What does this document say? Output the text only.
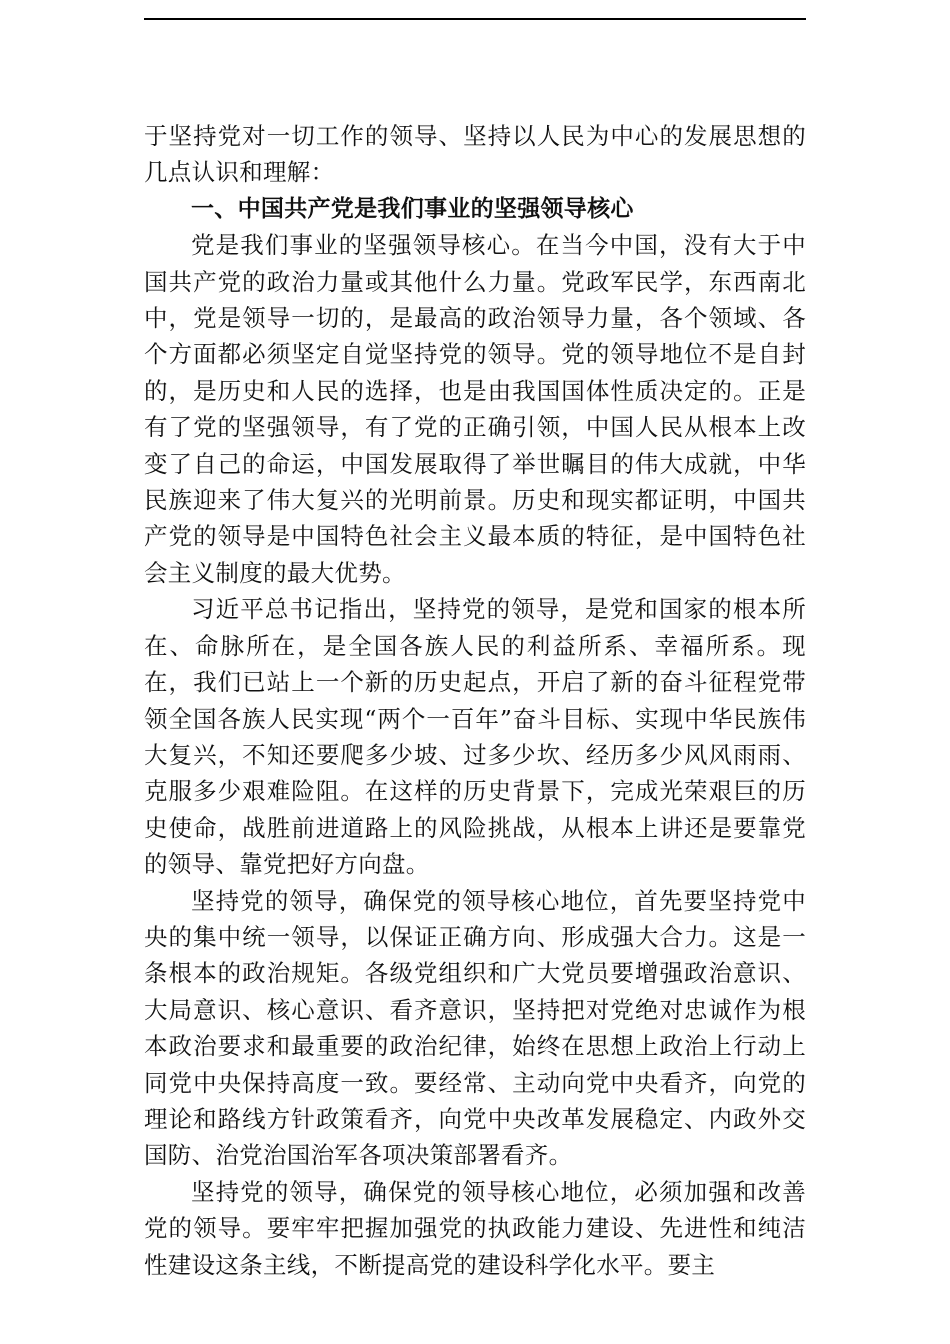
于坚持党对一切工作的领导、坚持以人民为中心的发展思想的几点认识和理解：

一、中国共产党是我们事业的坚强领导核心

党是我们事业的坚强领导核心。在当今中国，没有大于中国共产党的政治力量或其他什么力量。党政军民学，东西南北中，党是领导一切的，是最高的政治领导力量，各个领域、各个方面都必须坚定自觉坚持党的领导。党的领导地位不是自封的，是历史和人民的选择，也是由我国国体性质决定的。正是有了党的坚强领导，有了党的正确引领，中国人民从根本上改变了自己的命运，中国发展取得了举世瞩目的伟大成就，中华民族迎来了伟大复兴的光明前景。历史和现实都证明，中国共产党的领导是中国特色社会主义最本质的特征，是中国特色社会主义制度的最大优势。

习近平总书记指出，坚持党的领导，是党和国家的根本所在、命脉所在，是全国各族人民的利益所系、幸福所系。现在，我们已站上一个新的历史起点，开启了新的奋斗征程党带领全国各族人民实现“两个一百年”奋斗目标、实现中华民族伟大复兴，不知还要爬多少坡、过多少坎、经历多少风风雨雨、克服多少艰难险阻。在这样的历史背景下，完成光荣艰巨的历史使命，战胜前进道路上的风险挑战，从根本上讲还是要靠党的领导、靠党把好方向盘。

坚持党的领导，确保党的领导核心地位，首先要坚持党中央的集中统一领导，以保证正确方向、形成强大合力。这是一条根本的政治规矩。各级党组织和广大党员要增强政治意识、大局意识、核心意识、看齐意识，坚持把对党绝对忠诚作为根本政治要求和最重要的政治纪律，始终在思想上政治上行动上同党中央保持高度一致。要经常、主动向党中央看齐，向党的理论和路线方针政策看齐，向党中央改革发展稳定、内政外交国防、治党治国治军各项决策部署看齐。

坚持党的领导，确保党的领导核心地位，必须加强和改善党的领导。要牢牢把握加强党的执政能力建设、先进性和纯洁性建设这条主线，不断提高党的建设科学化水平。要主
